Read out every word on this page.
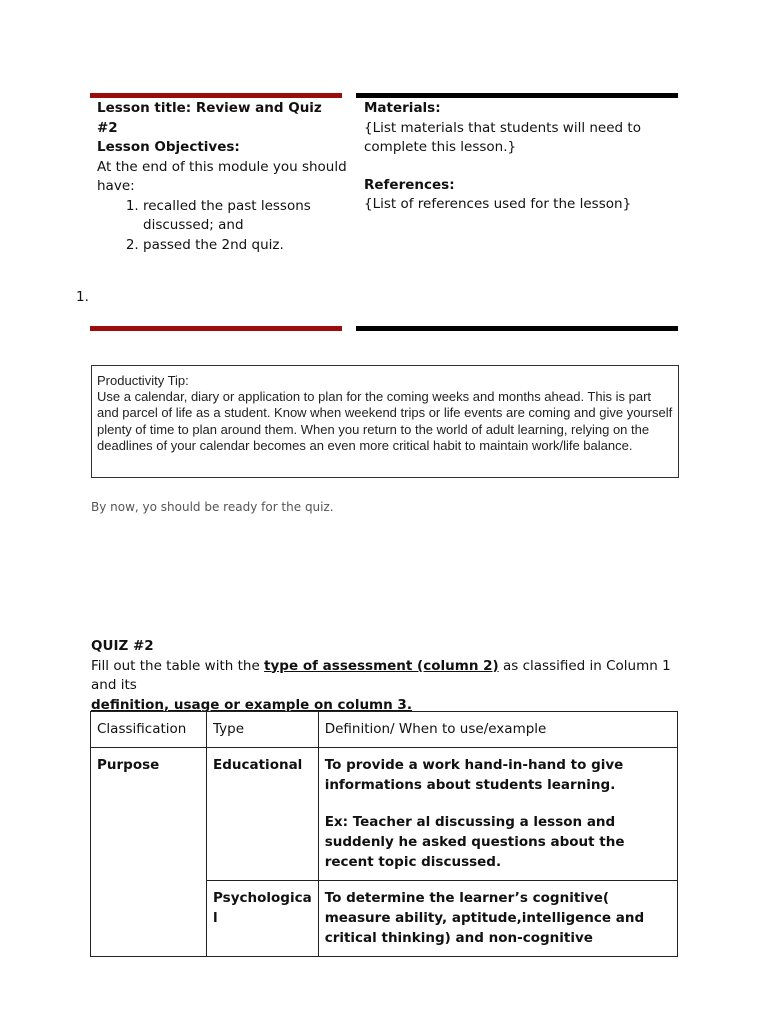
Lesson title: Review and Quiz #2
Lesson Objectives:
At the end of this module you should have:
1. recalled the past lessons discussed; and
2. passed the 2nd quiz.
Materials:
{List materials that students will need to complete this lesson.}
References:
{List of references used for the lesson}
1.
Productivity Tip:
Use a calendar, diary or application to plan for the coming weeks and months ahead. This is part and parcel of life as a student. Know when weekend trips or life events are coming and give yourself plenty of time to plan around them. When you return to the world of adult learning, relying on the deadlines of your calendar becomes an even more critical habit to maintain work/life balance.
By now, yo should be ready for the quiz.
QUIZ #2
Fill out the table with the type of assessment (column 2) as classified in Column 1 and its
definition, usage or example on column 3.
Classification	Type	Definition/ When to use/example
Purpose	Educational	To provide a work hand-in-hand to give informations about students learning.
Ex: Teacher al discussing a lesson and suddenly he asked questions about the recent topic discussed.

	Psychologica l	To determine the learner’s cognitive( measure ability, aptitude,intelligence and critical thinking) and non-cognitive
